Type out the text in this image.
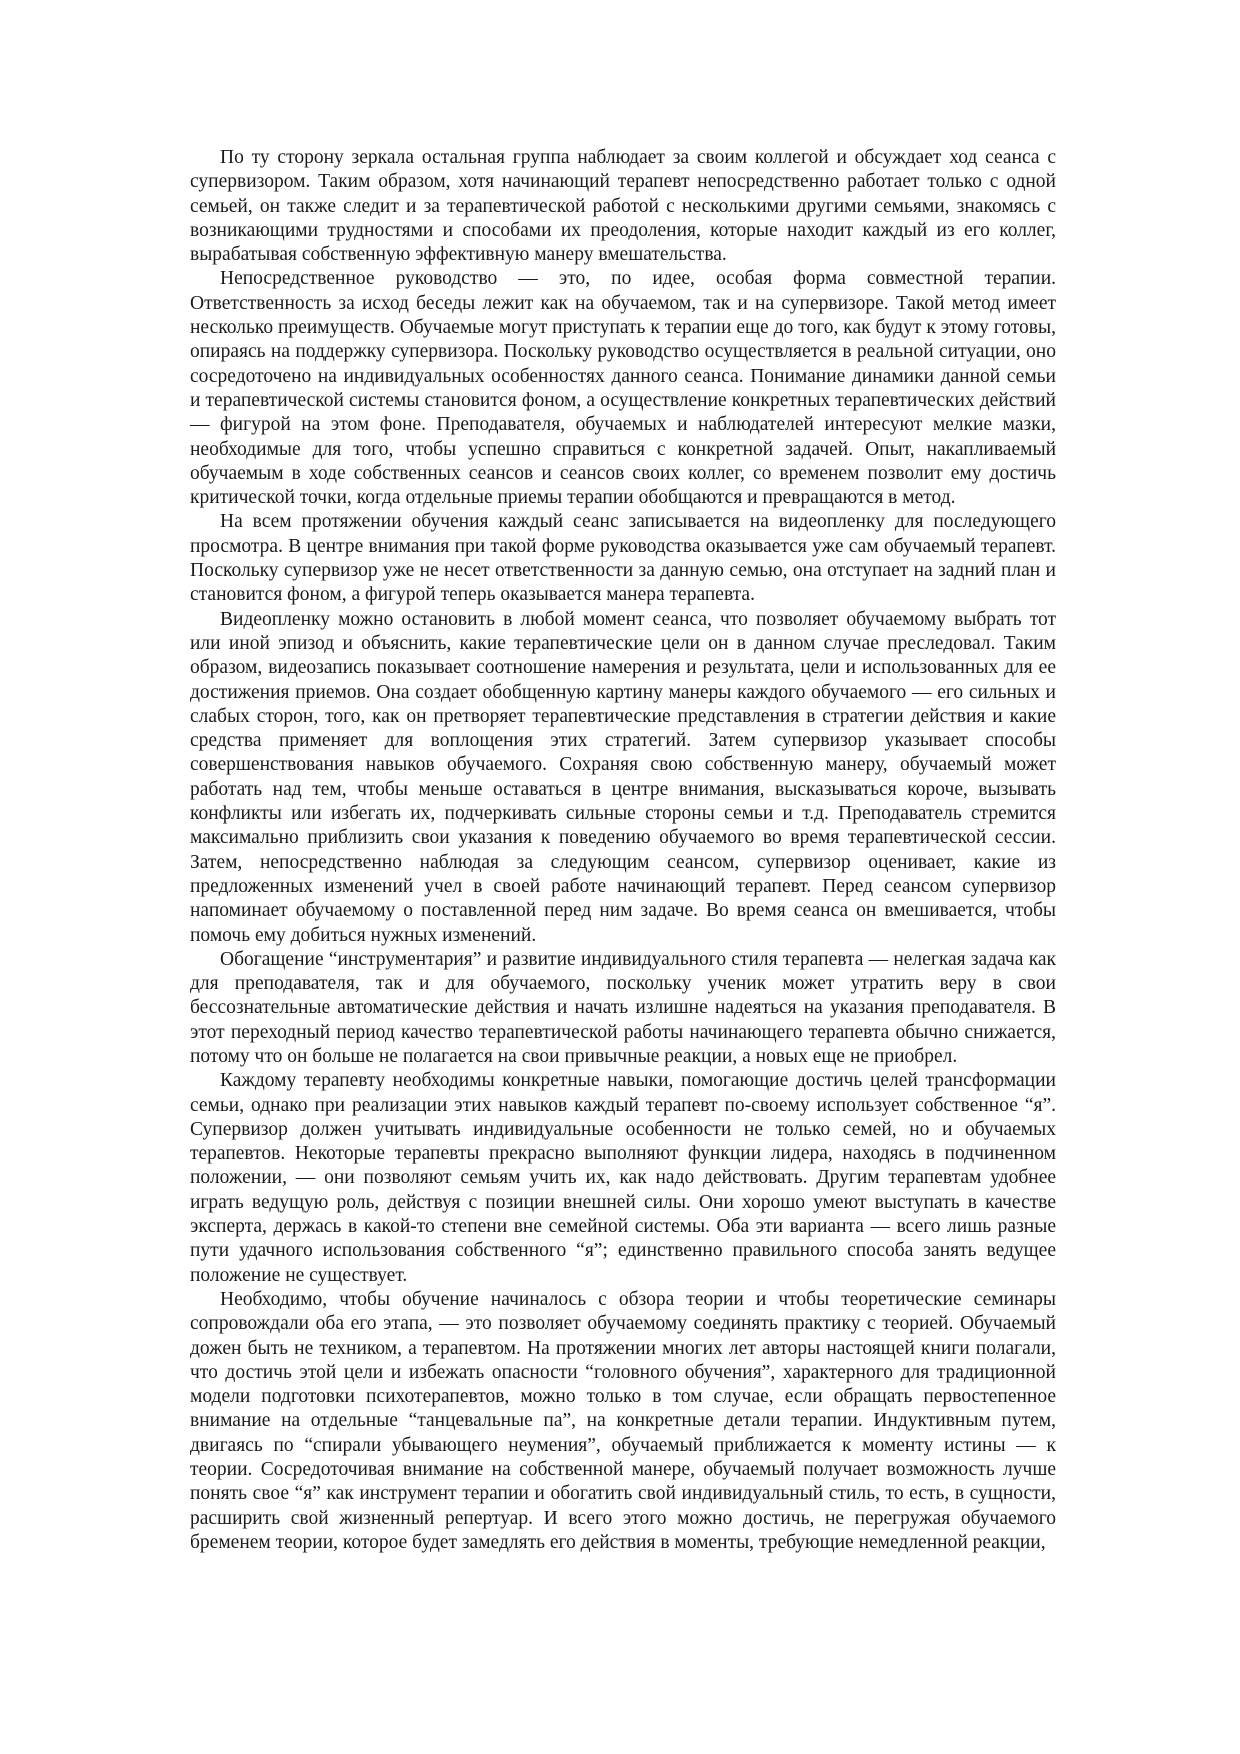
По ту сторону зеркала остальная группа наблюдает за своим коллегой и обсуждает ход сеанса с супервизором. Таким образом, хотя начинающий терапевт непосредственно работает только с одной семьей, он также следит и за терапевтической работой с несколькими другими семьями, знакомясь с возникающими трудностями и способами их преодоления, которые находит каждый из его коллег, вырабатывая собственную эффективную манеру вмешательства.

Непосредственное руководство — это, по идее, особая форма совместной терапии. Ответственность за исход беседы лежит как на обучаемом, так и на супервизоре. Такой метод имеет несколько преимуществ. Обучаемые могут приступать к терапии еще до того, как будут к этому готовы, опираясь на поддержку супервизора. Поскольку руководство осуществляется в реальной ситуации, оно сосредоточено на индивидуальных особенностях данного сеанса. Понимание динамики данной семьи и терапевтической системы становится фоном, а осуществление конкретных терапевтических действий — фигурой на этом фоне. Преподавателя, обучаемых и наблюдателей интересуют мелкие мазки, необходимые для того, чтобы успешно справиться с конкретной задачей. Опыт, накапливаемый обучаемым в ходе собственных сеансов и сеансов своих коллег, со временем позволит ему достичь критической точки, когда отдельные приемы терапии обобщаются и превращаются в метод.

На всем протяжении обучения каждый сеанс записывается на видеопленку для последующего просмотра. В центре внимания при такой форме руководства оказывается уже сам обучаемый терапевт. Поскольку супервизор уже не несет ответственности за данную семью, она отступает на задний план и становится фоном, а фигурой теперь оказывается манера терапевта.

Видеопленку можно остановить в любой момент сеанса, что позволяет обучаемому выбрать тот или иной эпизод и объяснить, какие терапевтические цели он в данном случае преследовал. Таким образом, видеозапись показывает соотношение намерения и результата, цели и использованных для ее достижения приемов. Она создает обобщенную картину манеры каждого обучаемого — его сильных и слабых сторон, того, как он претворяет терапевтические представления в стратегии действия и какие средства применяет для воплощения этих стратегий. Затем супервизор указывает способы совершенствования навыков обучаемого. Сохраняя свою собственную манеру, обучаемый может работать над тем, чтобы меньше оставаться в центре внимания, высказываться короче, вызывать конфликты или избегать их, подчеркивать сильные стороны семьи и т.д. Преподаватель стремится максимально приблизить свои указания к поведению обучаемого во время терапевтической сессии. Затем, непосредственно наблюдая за следующим сеансом, супервизор оценивает, какие из предложенных изменений учел в своей работе начинающий терапевт. Перед сеансом супервизор напоминает обучаемому о поставленной перед ним задаче. Во время сеанса он вмешивается, чтобы помочь ему добиться нужных изменений.

Обогащение “инструментария” и развитие индивидуального стиля терапевта — нелегкая задача как для преподавателя, так и для обучаемого, поскольку ученик может утратить веру в свои бессознательные автоматические действия и начать излишне надеяться на указания преподавателя. В этот переходный период качество терапевтической работы начинающего терапевта обычно снижается, потому что он больше не полагается на свои привычные реакции, а новых еще не приобрел.

Каждому терапевту необходимы конкретные навыки, помогающие достичь целей трансформации семьи, однако при реализации этих навыков каждый терапевт по-своему использует собственное “я”. Супервизор должен учитывать индивидуальные особенности не только семей, но и обучаемых терапевтов. Некоторые терапевты прекрасно выполняют функции лидера, находясь в подчиненном положении, — они позволяют семьям учить их, как надо действовать. Другим терапевтам удобнее играть ведущую роль, действуя с позиции внешней силы. Они хорошо умеют выступать в качестве эксперта, держась в какой-то степени вне семейной системы. Оба эти варианта — всего лишь разные пути удачного использования собственного “я”; единственно правильного способа занять ведущее положение не существует.

Необходимо, чтобы обучение начиналось с обзора теории и чтобы теоретические семинары сопровождали оба его этапа, — это позволяет обучаемому соединять практику с теорией. Обучаемый дожен быть не техником, а терапевтом. На протяжении многих лет авторы настоящей книги полагали, что достичь этой цели и избежать опасности “головного обучения”, характерного для традиционной модели подготовки психотерапевтов, можно только в том случае, если обращать первостепенное внимание на отдельные “танцевальные па”, на конкретные детали терапии. Индуктивным путем, двигаясь по “спирали убывающего неумения”, обучаемый приближается к моменту истины — к теории. Сосредоточивая внимание на собственной манере, обучаемый получает возможность лучше понять свое “я” как инструмент терапии и обогатить свой индивидуальный стиль, то есть, в сущности, расширить свой жизненный репертуар. И всего этого можно достичь, не перегружая обучаемого бременем теории, которое будет замедлять его действия в моменты, требующие немедленной реакции,
